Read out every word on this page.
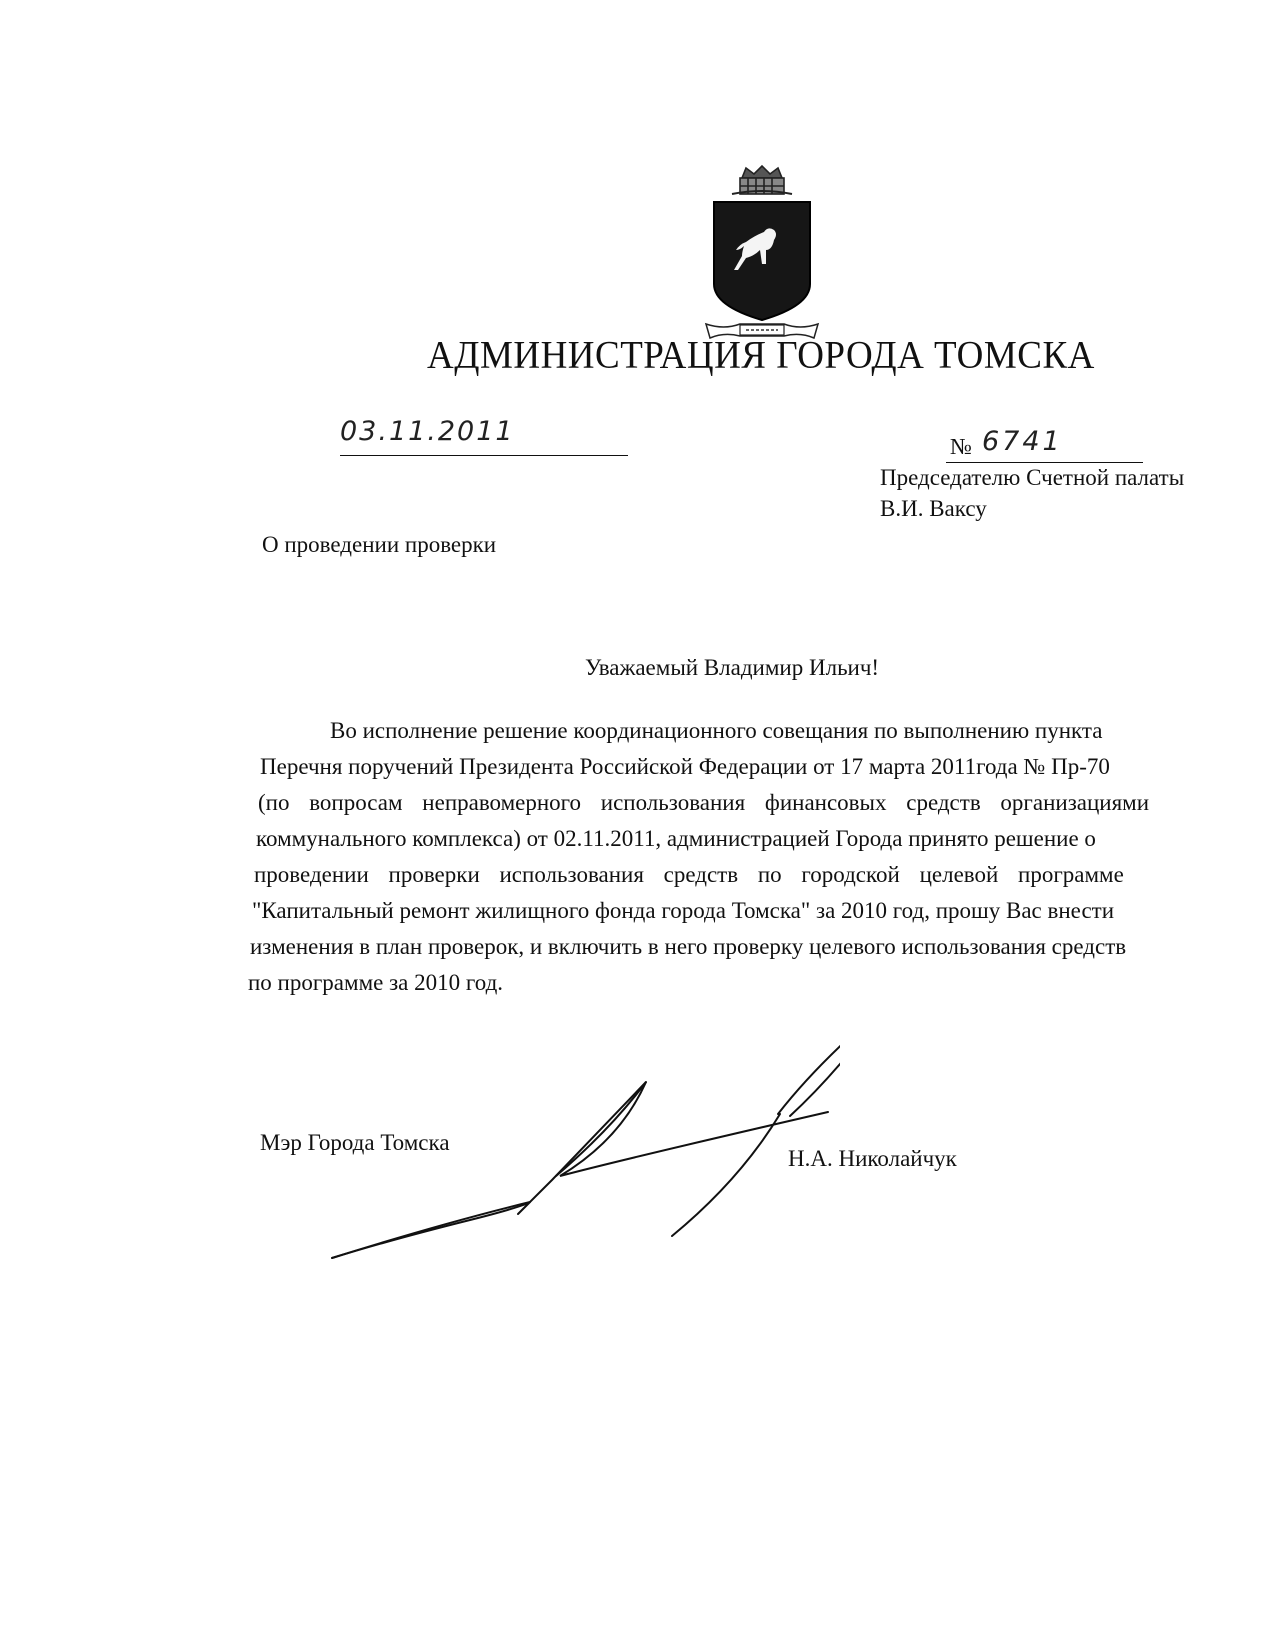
АДМИНИСТРАЦИЯ ГОРОДА ТОМСКА
03.11.2011	№ 6741
Председателю Счетной палаты
В.И. Ваксу
О проведении проверки
Уважаемый Владимир Ильич!
Во исполнение решение координационного совещания по выполнению пункта
Перечня поручений Президента Российской Федерации от 17 марта 2011года № Пр-70
(по вопросам неправомерного использования финансовых средств организациями
коммунального комплекса) от 02.11.2011, администрацией Города принято решение о
проведении проверки использования средств по городской целевой программе
"Капитальный ремонт жилищного фонда города Томска" за 2010 год, прошу Вас внести
изменения в план проверок, и включить в него проверку целевого использования средств
по программе за 2010 год.
Мэр Города Томска
Н.А. Николайчук
